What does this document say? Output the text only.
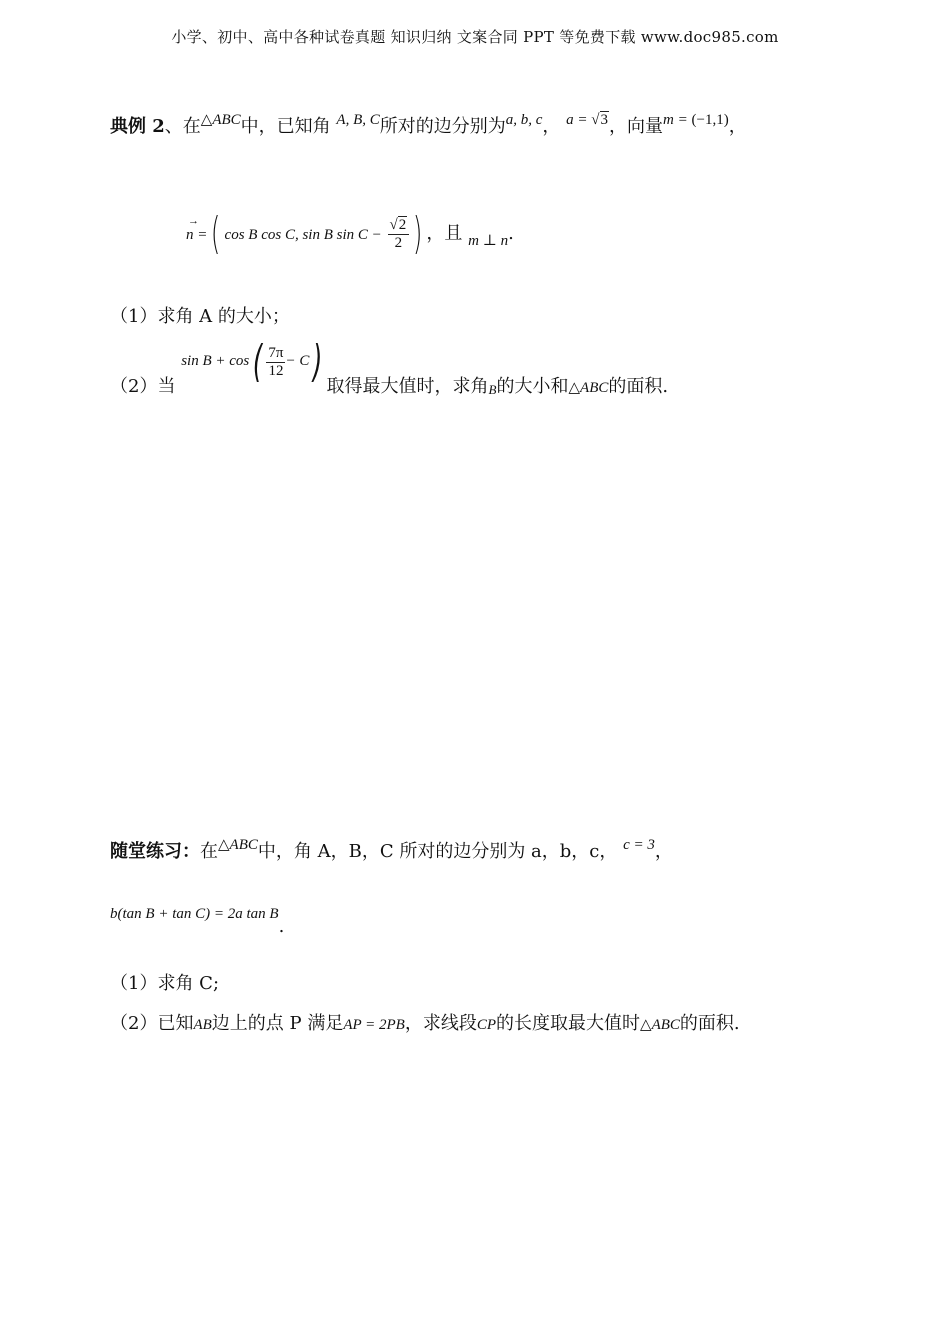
小学、初中、高中各种试卷真题 知识归纳 文案合同 PPT 等免费下载 www.doc985.com
典例 2、在$^{\triangle ABC}$中，已知角 $^{A, B, C}$所对的边分别为$^{a, b, c}$， $^{a = √3}$，向量$^{m = (-1,1)}$，
→
n =( cos B cos C, sin B $\sin C - \frac{√2}{2}$ ) ，且 $_{m \perp n}$.
（1）求角 A 的大小；
（2）当 $\sin B + \cos( \frac{7\pi}{12} - C)$ 取得最大值时，求角$_B$的大小和$_{\triangle ABC}$的面积.
随堂练习：在$^{\triangle ABC}$中，角 A，B，C 所对的边分别为 a，b，c， $^{c = 3}$，
b(tan B + tan C) = 2a tan B.
（1）求角 C;
（2）已知AB边上的点 P 满足AP = 2PB，求线段CP的长度取最大值时△ABC的面积.
